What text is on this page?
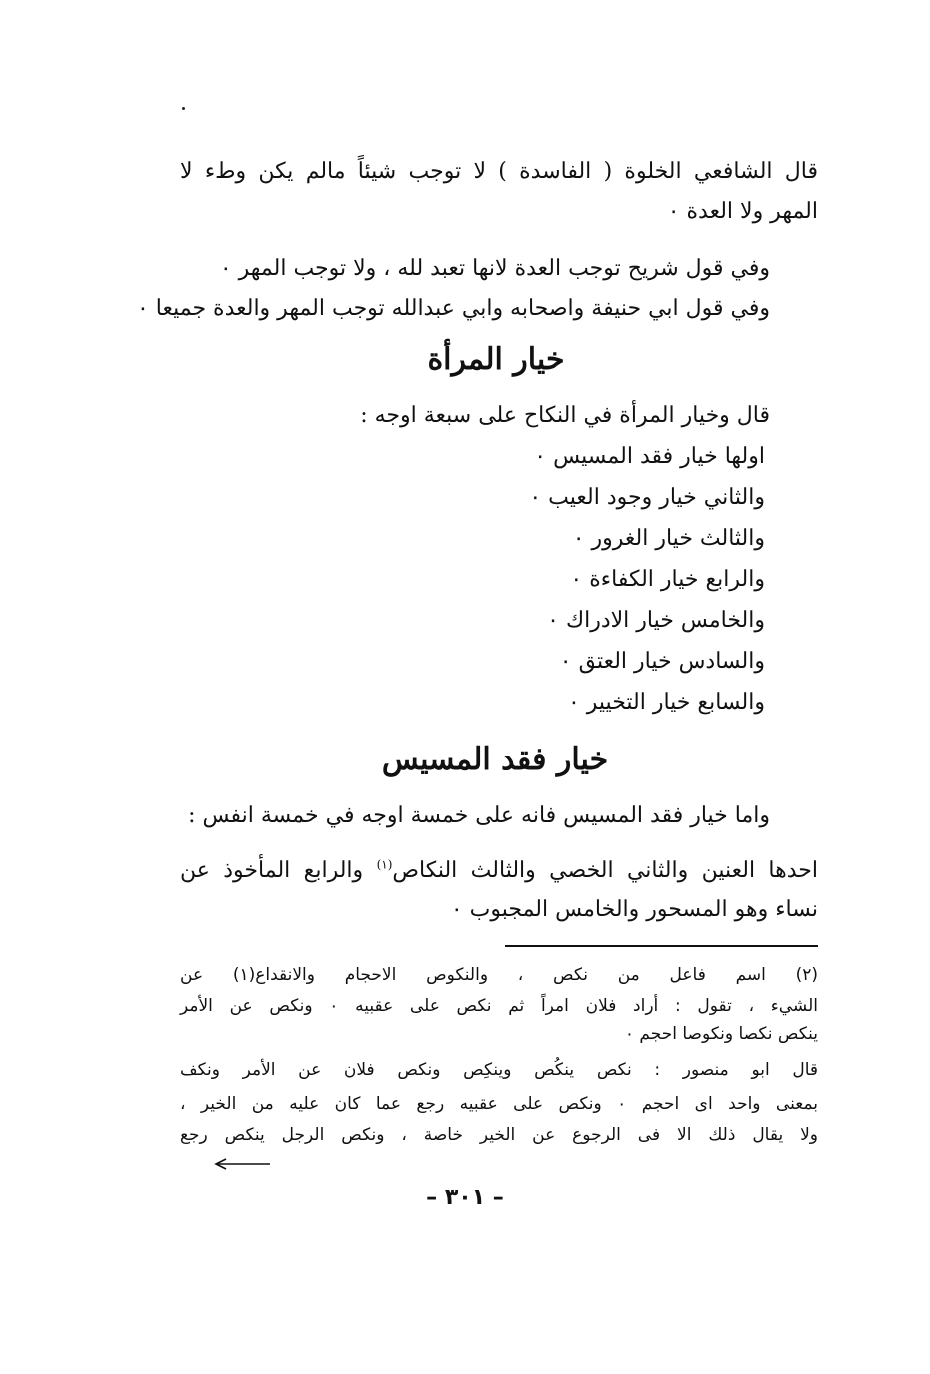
قال الشافعي الخلوة ( الفاسدة ) لا توجب شيئاً مالم يكن وطء لا
المهر ولا العدة ٠
وفي قول شريح توجب العدة لانها تعبد لله ، ولا توجب المهر ٠
وفي قول ابي حنيفة واصحابه وابي عبدالله توجب المهر والعدة جميعا ٠
خيار المرأة
قال وخيار المرأة في النكاح على سبعة اوجه :
اولها خيار فقد المسيس ٠
والثاني خيار وجود العيب ٠
والثالث خيار الغرور ٠
والرابع خيار الكفاءة ٠
والخامس خيار الادراك ٠
والسادس خيار العتق ٠
والسابع خيار التخيير ٠
خيار فقد المسيس
واما خيار فقد المسيس فانه على خمسة اوجه في خمسة انفس :
احدها العنين والثاني الخصي والثالث النكاص$^{(١)}$ والرابع المأخوذ عن
نساء وهو المسحور والخامس المجبوب ٠
(٢) اسم فاعل من نكص ، والنكوص الاحجام والانقداع(١) عن
الشيء ، تقول : أراد فلان امراً ثم نكص على عقبيه ٠ ونكص عن الأمر
ينكص نكصا ونكوصا احجم ٠
قال ابو منصور : نكص ينكُص وينكِص ونكص فلان عن الأمر ونكف
بمعنى واحد اى احجم ٠ ونكص على عقبيه رجع عما كان عليه من الخير ،
ولا يقال ذلك الا فى الرجوع عن الخير خاصة ، ونكص الرجل ينكص رجع
– ٣٠١ –
